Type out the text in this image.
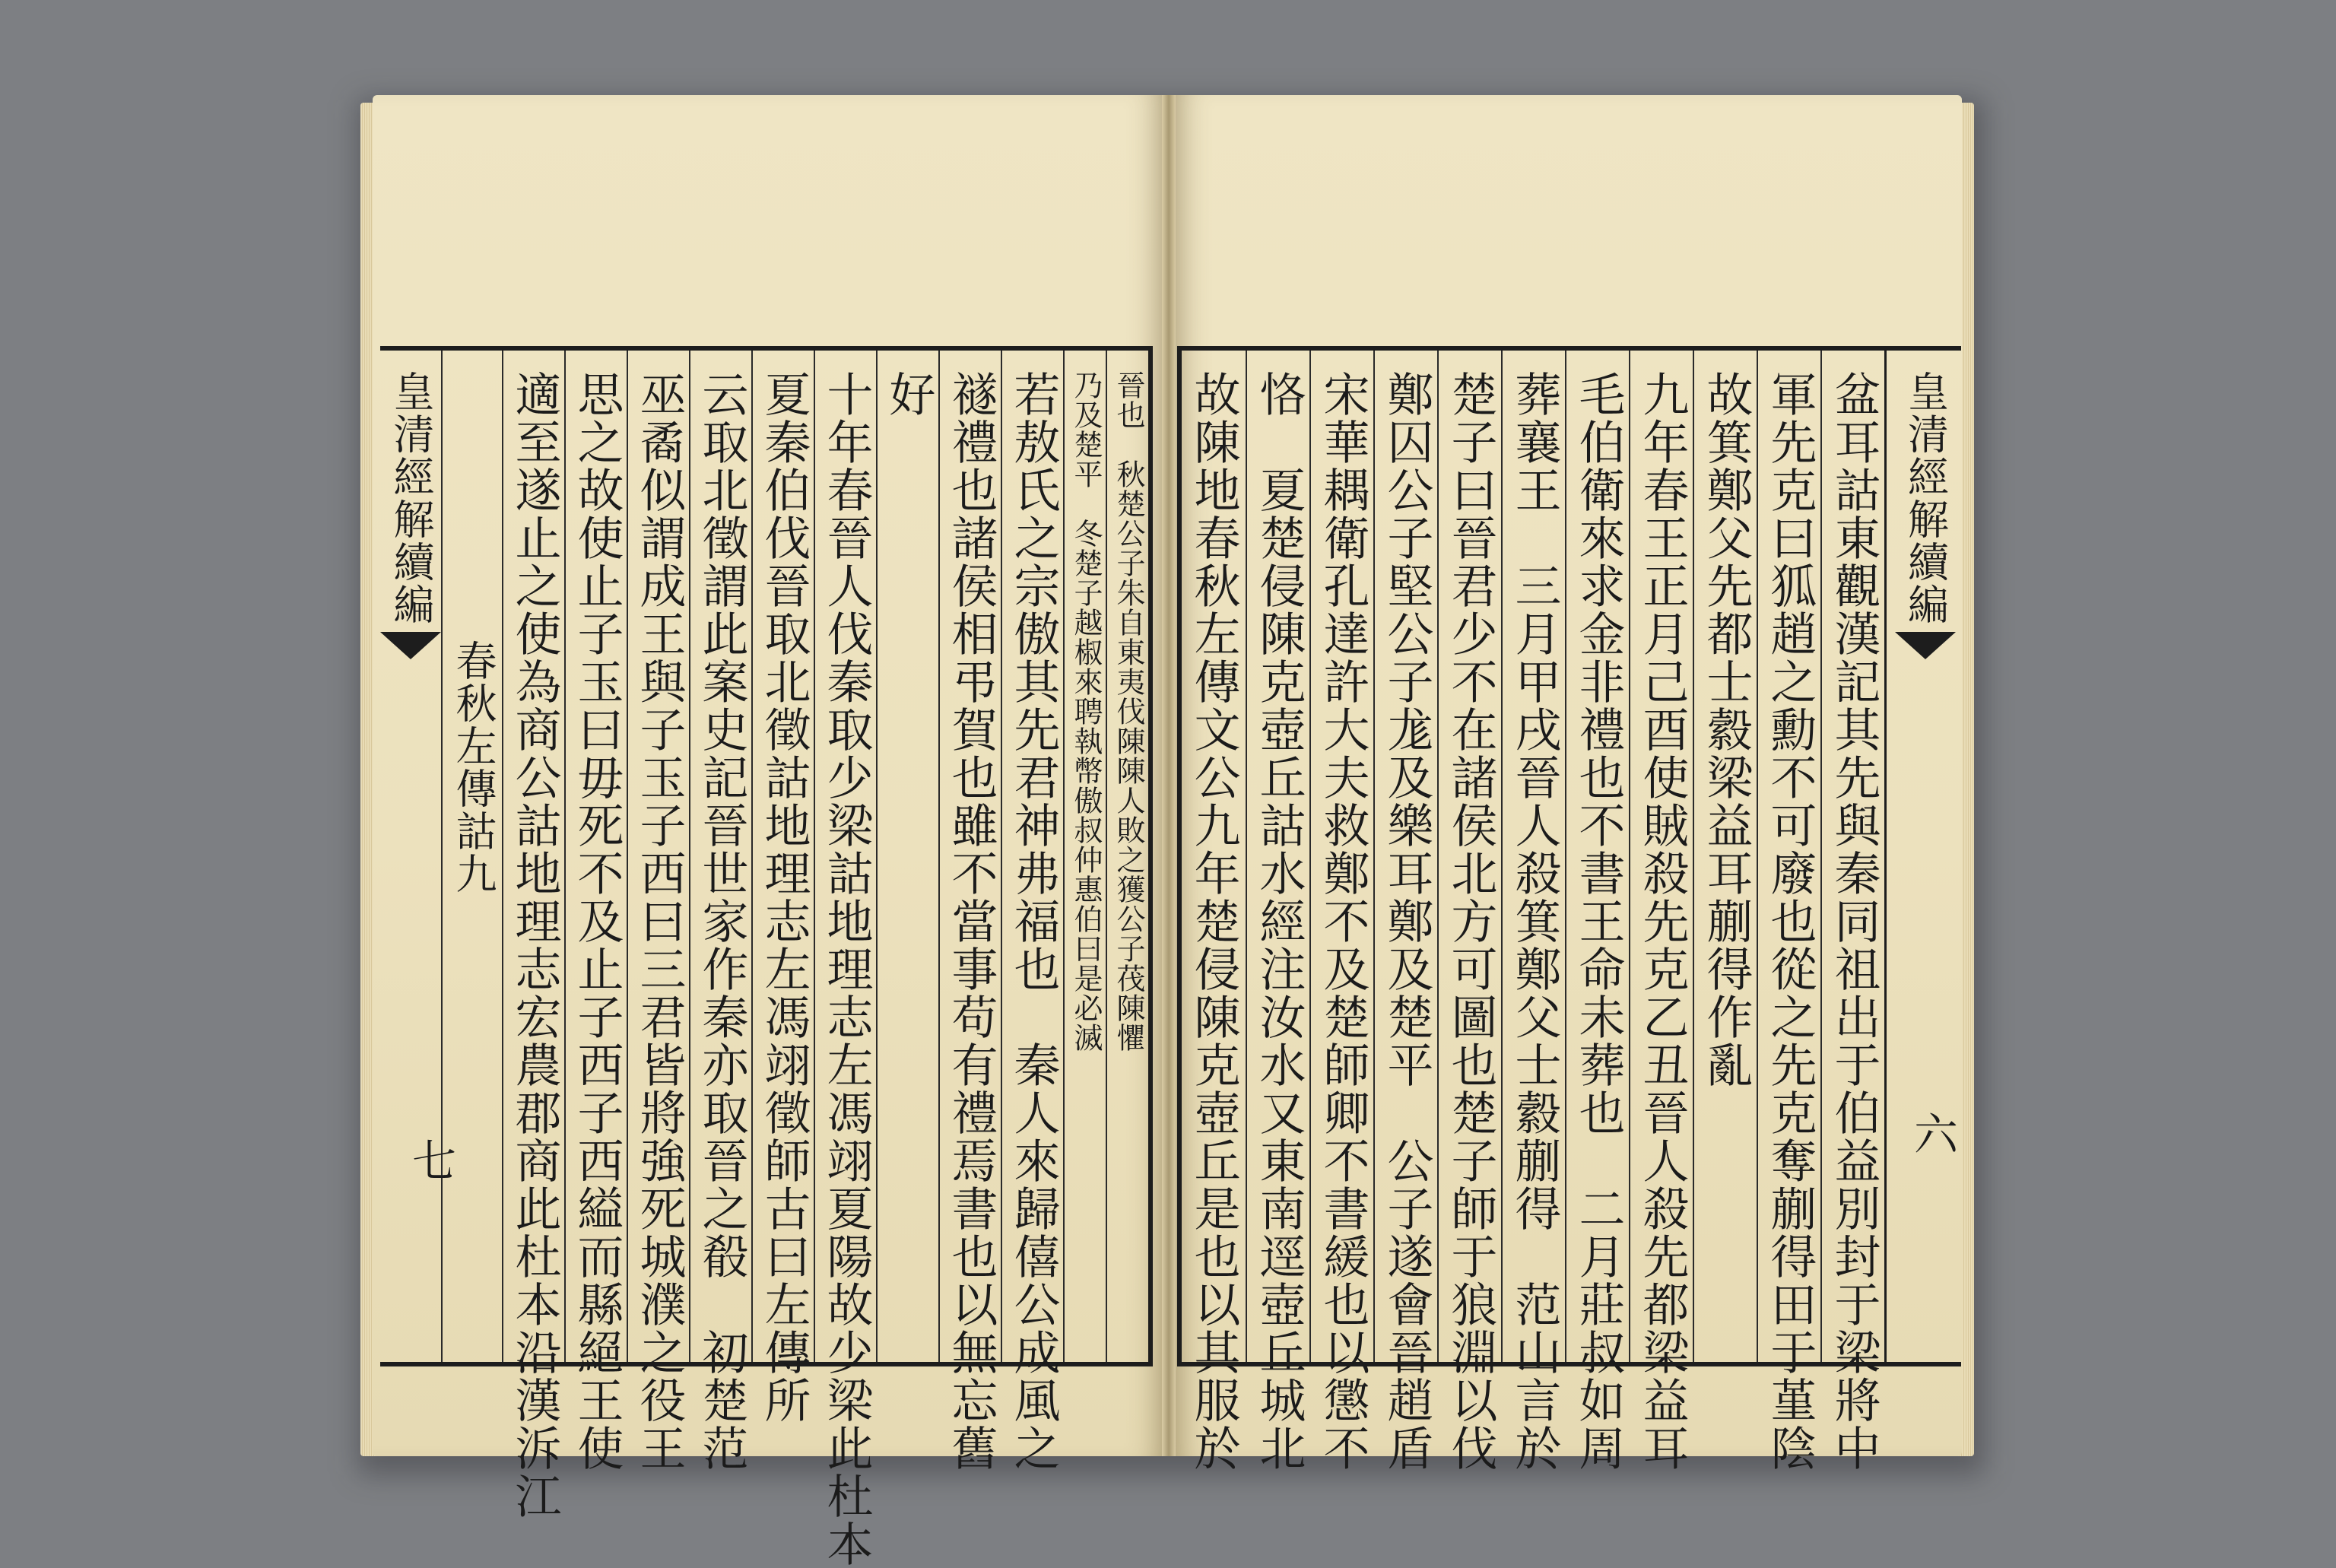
皇清經解續編
春秋左傳詁九
七 適至遂止之使為商公詁地理志宏農郡商此杜本沿漢泝江 思之故使止子玉曰毋死不及止子西子西縊而縣絕王使 巫矞似謂成王與子玉子西曰三君皆將強死城濮之役王 云取北徵謂此案史記晉世家作秦亦取晉之殽　初楚范 夏秦伯伐晉取北徵詁地理志左馮翊徵師古曰左傳所 十年春晉人伐秦取少梁詁地理志左馮翊夏陽故少梁此杜本 好 禭禮也諸侯相弔賀也雖不當事苟有禮焉書也以無忘舊 若敖氏之宗傲其先君神弗福也　秦人來歸僖公成風之 乃及楚平　冬楚子越椒來聘執幣傲叔仲惠伯曰是必滅 晉也　秋楚公子朱自東夷伐陳陳人敗之獲公子茷陳懼 故陳地春秋左傳文公九年楚侵陳克壺丘是也以其服於 恪　夏楚侵陳克壺丘詁水經注汝水又東南逕壺丘城北 宋華耦衛孔達許大夫救鄭不及楚師卿不書緩也以懲不 鄭囚公子堅公子尨及樂耳鄭及楚平　公子遂會晉趙盾 楚子曰晉君少不在諸侯北方可圖也楚子師于狼淵以伐 葬襄王　三月甲戌晉人殺箕鄭父士縠蒯得　范山言於 毛伯衛來求金非禮也不書王命未葬也　二月莊叔如周 九年春王正月己酉使賊殺先克乙丑晉人殺先都梁益耳 故箕鄭父先都士縠梁益耳蒯得作亂 軍先克曰狐趙之勳不可廢也從之先克奪蒯得田于堇陰 盆耳詁東觀漢記其先與秦同祖出于伯益別封于梁將中 皇清經解續編
六
